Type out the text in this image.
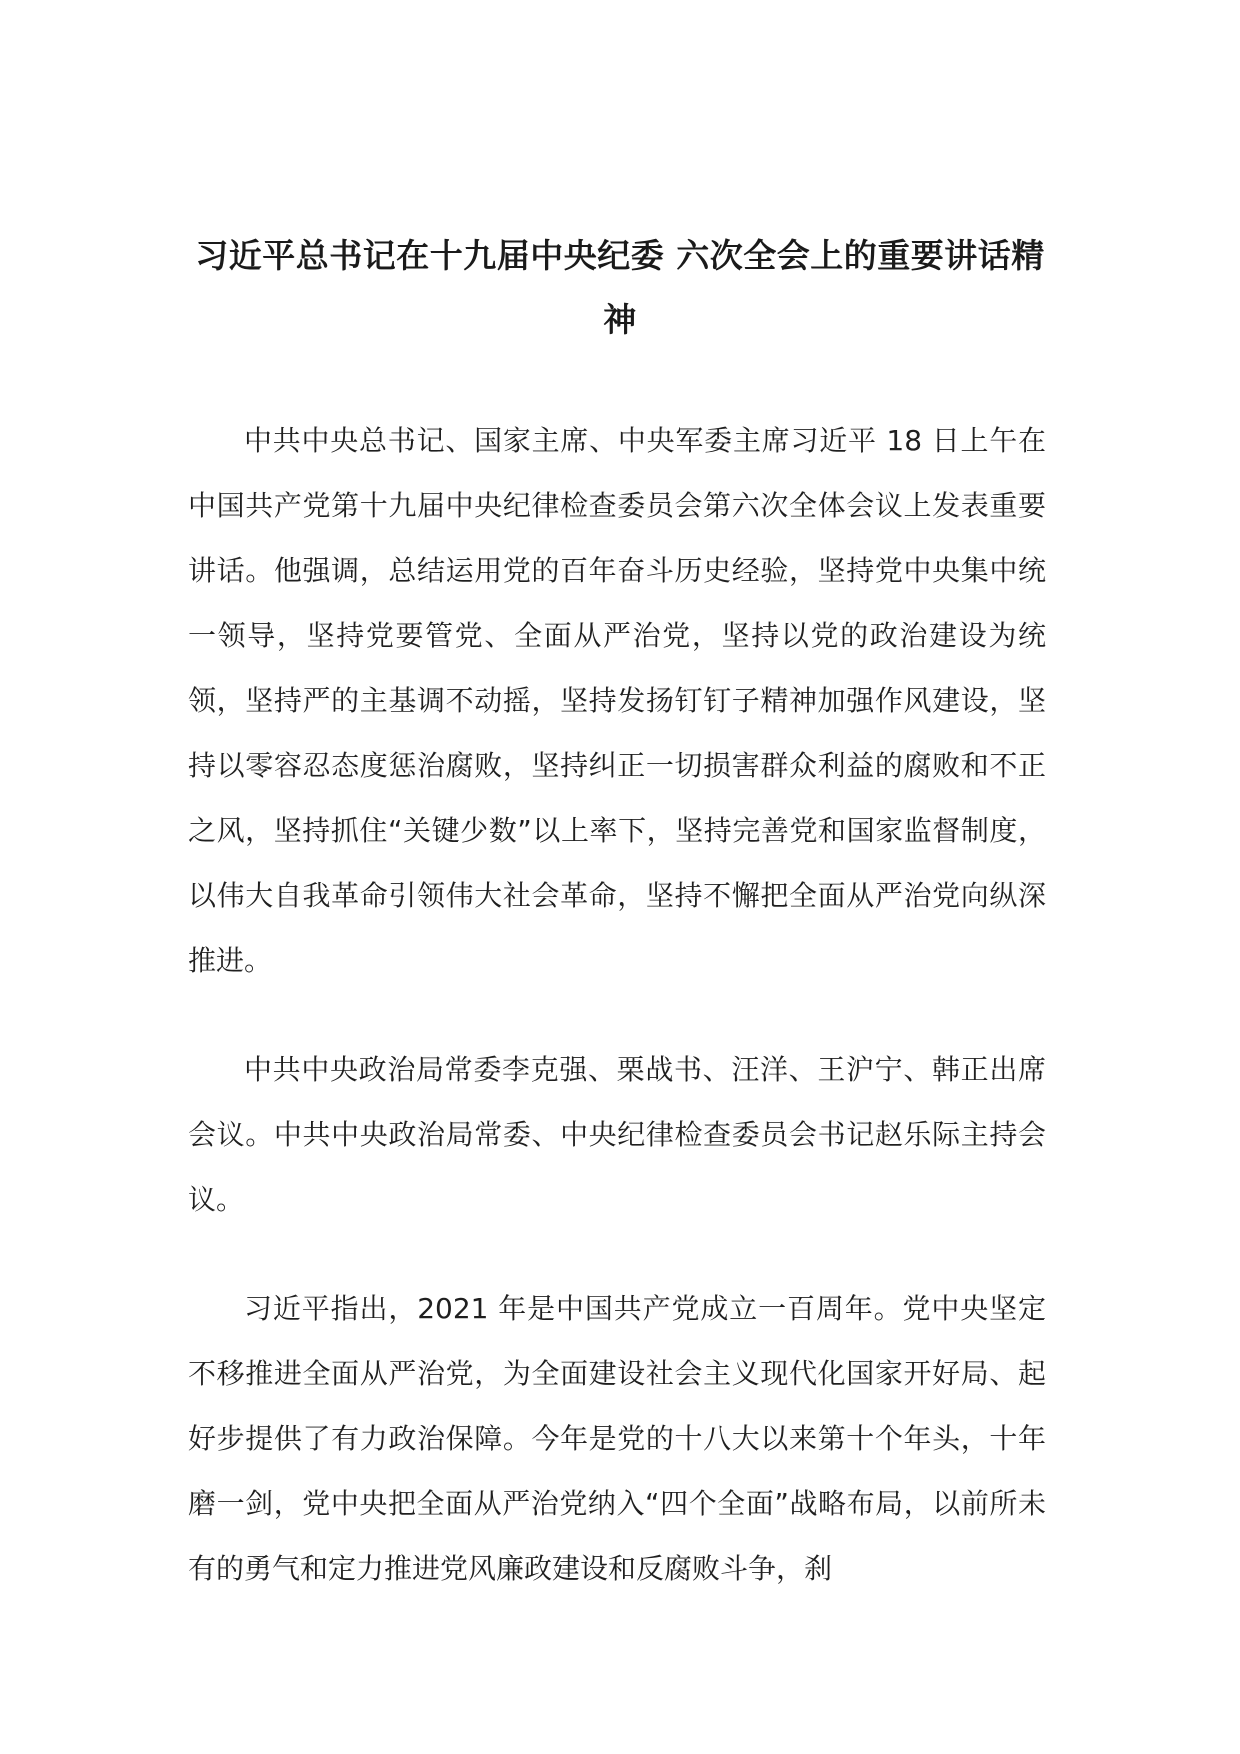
习近平总书记在十九届中央纪委 六次全会上的重要讲话精神

中共中央总书记、国家主席、中央军委主席习近平 18 日上午在中国共产党第十九届中央纪律检查委员会第六次全体会议上发表重要讲话。他强调，总结运用党的百年奋斗历史经验，坚持党中央集中统一领导，坚持党要管党、全面从严治党，坚持以党的政治建设为统领，坚持严的主基调不动摇，坚持发扬钉钉子精神加强作风建设，坚持以零容忍态度惩治腐败，坚持纠正一切损害群众利益的腐败和不正之风，坚持抓住“关键少数”以上率下，坚持完善党和国家监督制度，以伟大自我革命引领伟大社会革命，坚持不懈把全面从严治党向纵深推进。

中共中央政治局常委李克强、栗战书、汪洋、王沪宁、韩正出席会议。中共中央政治局常委、中央纪律检查委员会书记赵乐际主持会议。

习近平指出，2021 年是中国共产党成立一百周年。党中央坚定不移推进全面从严治党，为全面建设社会主义现代化国家开好局、起好步提供了有力政治保障。今年是党的十八大以来第十个年头，十年磨一剑，党中央把全面从严治党纳入“四个全面”战略布局，以前所未有的勇气和定力推进党风廉政建设和反腐败斗争，刹
